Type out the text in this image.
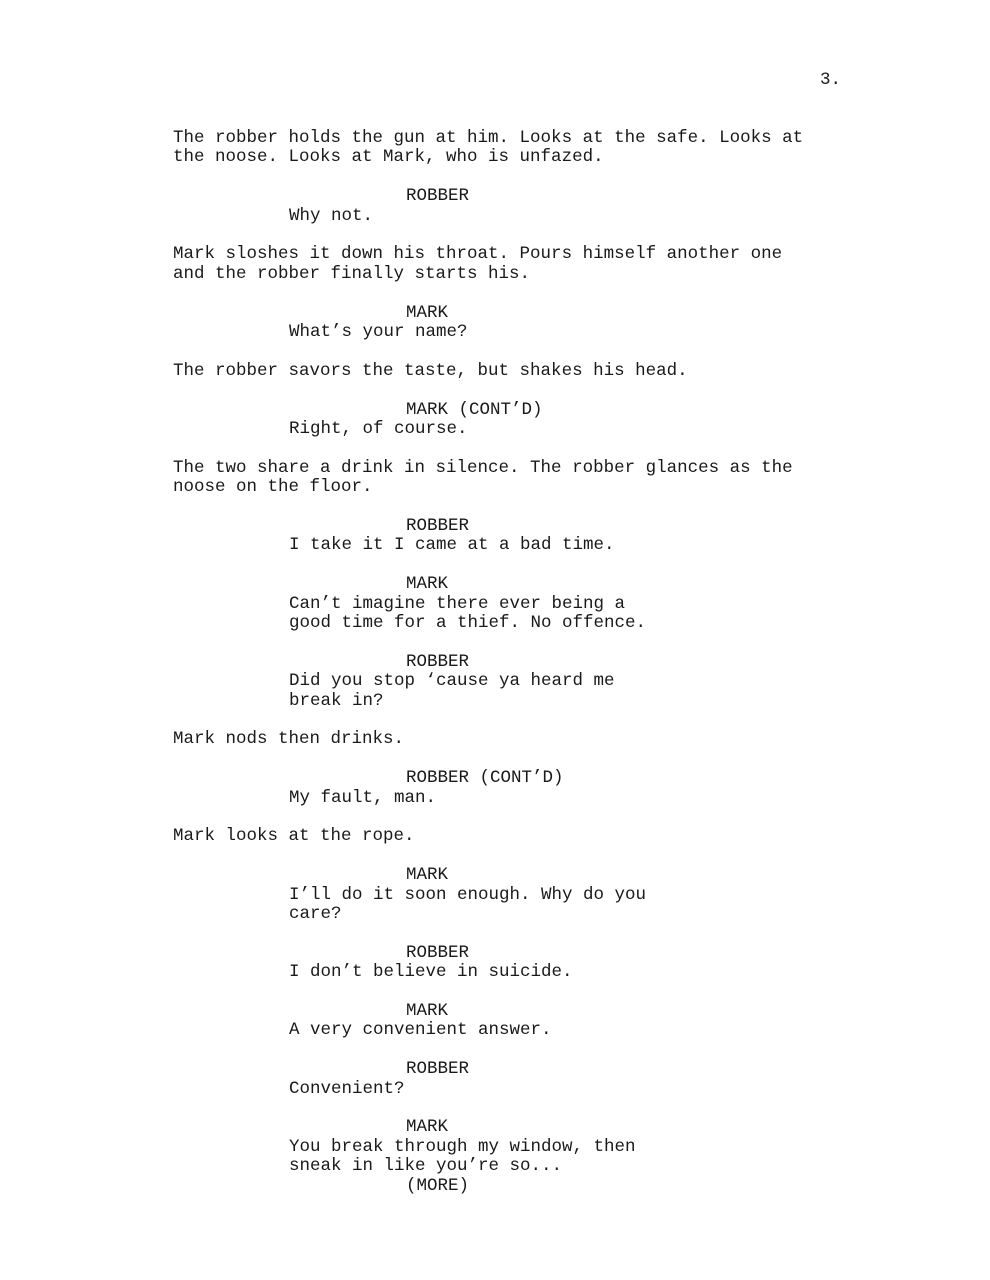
3.
The robber holds the gun at him. Looks at the safe. Looks at
the noose. Looks at Mark, who is unfazed.
ROBBER
Why not.
Mark sloshes it down his throat. Pours himself another one
and the robber finally starts his.
MARK
What’s your name?
The robber savors the taste, but shakes his head.
MARK (CONT’D)
Right, of course.
The two share a drink in silence. The robber glances as the
noose on the floor.
ROBBER
I take it I came at a bad time.
MARK
Can’t imagine there ever being a
good time for a thief. No offence.
ROBBER
Did you stop ‘cause ya heard me
break in?
Mark nods then drinks.
ROBBER (CONT’D)
My fault, man.
Mark looks at the rope.
MARK
I’ll do it soon enough. Why do you
care?
ROBBER
I don’t believe in suicide.
MARK
A very convenient answer.
ROBBER
Convenient?
MARK
You break through my window, then
sneak in like you’re so...
(MORE)
